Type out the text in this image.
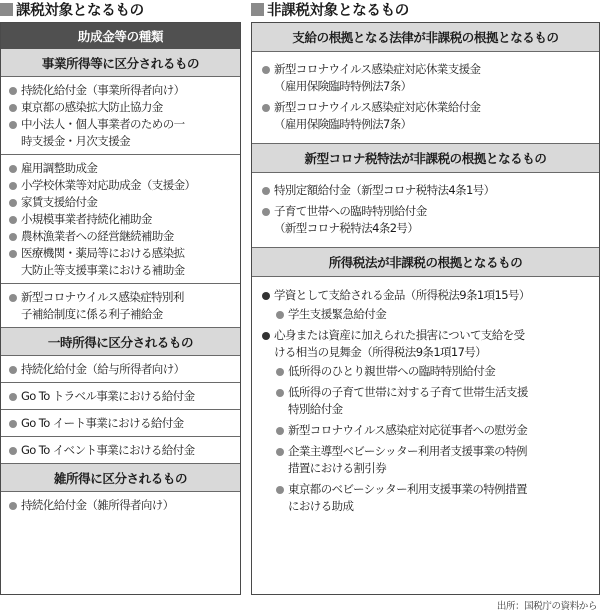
課税対象となるもの	非課税対象となるもの
助成金等の種類
事業所得等に区分されるもの
持続化給付金（事業所得者向け）
東京都の感染拡大防止協力金
中小法人・個人事業者のための一
時支援金・月次支援金
雇用調整助成金
小学校休業等対応助成金（支援金）
家賃支援給付金
小規模事業者持続化補助金
農林漁業者への経営継続補助金
医療機関・薬局等における感染拡
大防止等支援事業における補助金
新型コロナウイルス感染症特別利
子補給制度に係る利子補給金
一時所得に区分されるもの
持続化給付金（給与所得者向け）
Go To トラベル事業における給付金
Go To イート事業における給付金
Go To イベント事業における給付金
雑所得に区分されるもの
持続化給付金（雑所得者向け）
支給の根拠となる法律が非課税の根拠となるもの
新型コロナウイルス感染症対応休業支援金
（雇用保険臨時特例法7条）
新型コロナウイルス感染症対応休業給付金
（雇用保険臨時特例法7条）
新型コロナ税特法が非課税の根拠となるもの
特別定額給付金（新型コロナ税特法4条1号）
子育て世帯への臨時特別給付金
（新型コロナ税特法4条2号）
所得税法が非課税の根拠となるもの
学資として支給される金品（所得税法9条1項15号）
学生支援緊急給付金
心身または資産に加えられた損害について支給を受
ける相当の見舞金（所得税法9条1項17号）
低所得のひとり親世帯への臨時特別給付金
低所得の子育て世帯に対する子育て世帯生活支援
特別給付金
新型コロナウイルス感染症対応従事者への慰労金
企業主導型ベビーシッター利用者支援事業の特例
措置における割引券
東京都のベビーシッター利用支援事業の特例措置
における助成
出所：国税庁の資料から
